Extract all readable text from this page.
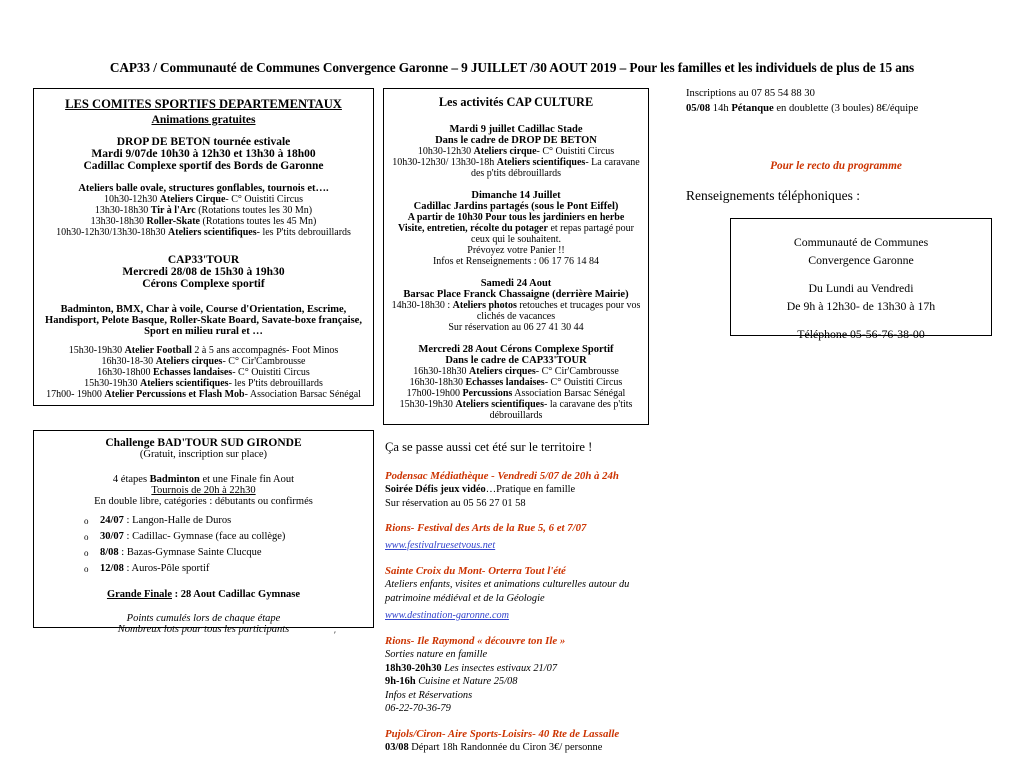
CAP33 / Communauté de Communes Convergence Garonne – 9 JUILLET /30 AOUT 2019 – Pour les familles et les individuels de plus de 15 ans
LES COMITES SPORTIFS DEPARTEMENTAUX
Animations gratuites
DROP DE BETON tournée estivale
Mardi 9/07de 10h30 à 12h30 et 13h30 à 18h00
Cadillac Complexe sportif des Bords de Garonne
Ateliers balle ovale, structures gonflables, tournois et….
10h30-12h30 Ateliers Cirque- C° Ouistiti Circus
13h30-18h30 Tir à l'Arc (Rotations toutes les 30 Mn)
13h30-18h30 Roller-Skate (Rotations toutes les 45 Mn)
10h30-12h30/13h30-18h30 Ateliers scientifiques- les P'tits debrouillards
CAP33'TOUR
Mercredi 28/08 de 15h30 à 19h30
Cérons Complexe sportif
Badminton, BMX, Char à voile, Course d'Orientation, Escrime,
Handisport, Pelote Basque, Roller-Skate Board, Savate-boxe française,
Sport en milieu rural et …
15h30-19h30 Atelier Football 2 à 5 ans accompagnés- Foot Minos
16h30-18-30 Ateliers cirques- C° Cir'Cambrousse
16h30-18h00 Echasses landaises- C° Ouistiti Circus
15h30-19h30 Ateliers scientifiques- les P'tits debrouillards
17h00- 19h00 Atelier Percussions et Flash Mob- Association Barsac Sénégal
Challenge BAD'TOUR SUD GIRONDE
(Gratuit, inscription sur place)
4 étapes Badminton et une Finale fin Aout
Tournois de 20h à 22h30
En double libre, catégories : débutants ou confirmés
o 24/07 : Langon-Halle de Duros
o 30/07 : Cadillac- Gymnase (face au collège)
o 8/08 : Bazas-Gymnase Sainte Clucque
o 12/08 : Auros-Pôle sportif
Grande Finale : 28 Aout Cadillac Gymnase
Points cumulés lors de chaque étape
Nombreux lots pour tous les participants	′
Les activités CAP CULTURE
Mardi 9 juillet Cadillac Stade
Dans le cadre de DROP DE BETON
10h30-12h30 Ateliers cirque- C° Ouistiti Circus
10h30-12h30/ 13h30-18h Ateliers scientifiques- La caravane
des p'tits débrouillards
Dimanche 14 Juillet
Cadillac Jardins partagés (sous le Pont Eiffel)
A partir de 10h30 Pour tous les jardiniers en herbe
Visite, entretien, récolte du potager et repas partagé pour
ceux qui le souhaitent.
Prévoyez votre Panier !!
Infos et Renseignements : 06 17 76 14 84
Samedi 24 Aout
Barsac Place Franck Chassaigne (derrière Mairie)
14h30-18h30 : Ateliers photos retouches et trucages pour vos
clichés de vacances
Sur réservation au 06 27 41 30 44
Mercredi 28 Aout Cérons Complexe Sportif
Dans le cadre de CAP33'TOUR
16h30-18h30 Ateliers cirques- C° Cir'Cambrousse
16h30-18h30 Echasses landaises- C° Ouistiti Circus
17h00-19h00 Percussions Association Barsac Sénégal
15h30-19h30 Ateliers scientifiques- la caravane des p'tits
débrouillards
Ça se passe aussi cet été sur le territoire !
Podensac Médiathèque - Vendredi 5/07 de 20h à 24h
Soirée Défis jeux vidéo…Pratique en famille
Sur réservation au 05 56 27 01 58
Rions- Festival des Arts de la Rue 5, 6 et 7/07
www.festivalruesetvous.net
Sainte Croix du Mont- Orterra Tout l'été
Ateliers enfants, visites et animations culturelles autour du
patrimoine médiéval et de la Géologie
www.destination-garonne.com
Rions- Ile Raymond « découvre ton Ile »
Sorties nature en famille
18h30-20h30 Les insectes estivaux 21/07
9h-16h Cuisine et Nature 25/08
Infos et Réservations
06-22-70-36-79
Pujols/Ciron- Aire Sports-Loisirs- 40 Rte de Lassalle
03/08 Départ 18h Randonnée du Ciron 3€/ personne
Inscriptions au 07 85 54 88 30
05/08 14h Pétanque en doublette (3 boules) 8€/équipe
Pour le recto du programme
Renseignements téléphoniques :
Communauté de Communes
Convergence Garonne
Du Lundi au Vendredi
De 9h à 12h30- de 13h30 à 17h
Téléphone 05-56-76-38-00
